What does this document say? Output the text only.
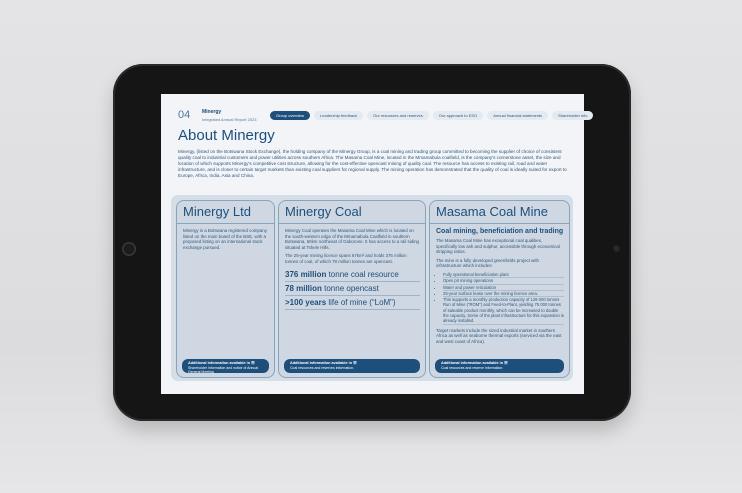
04 Minergy
Integrated Annual Report 2023
Group overview	Leadership feedback	Our resources and reserves	Our approach to ESG	Annual financial statements	Shareholder info
About Minergy
Minergy, (listed on the Botswana Stock Exchange), the holding company of the Minergy Group, is a coal mining and trading group committed to becoming the supplier of choice of consistent quality coal to industrial customers and power utilities across southern Africa. The Masama Coal Mine, located in the Mmamabula coalfield, is the company's cornerstone asset, the size and location of which supports Minergy's competitive cost structure, allowing for the cost-effective opencast mining of quality coal. The resource has access to existing rail, road and water infrastructure, and is closer to certain target markets than existing coal suppliers for regional supply. The mining operation has demonstrated that the quality of coal is ideally suited for export to Europe, Africa, India, Asia and China.
Minergy Ltd
Minergy is a Botswana registered company listed on the main board of the BSE, with a proposed listing on an international stock exchange pursued.
Additional information available in ☰
Shareholder information and notice of Annual General Meeting
Minergy Coal
Minergy Coal operates the Masama Coal Mine which is located on the south-western edge of the Mmamabula Coalfield in southern Botswana, 60km northeast of Gaborone. It has access to a rail siding situated at Tshele Hills.
The 25-year mining licence spans 67km² and holds 376 million tonnes of coal, of which 78 million tonnes are opencast.
376 million tonne coal resource
78 million tonne opencast
>100 years life of mine (“LoM”)
Additional information available in ☰
Coal resources and reserves information.
Masama Coal Mine
Coal mining, beneficiation and trading
The Masama Coal Mine has exceptional coal qualities, specifically low ash and sulphur, accessible through economical stripping ratios.
The mine is a fully developed greenfields project with infrastructure which includes:
• Fully operational beneficiation plant
• Open pit mining operations
• Water and power reticulation
• 25-year surface lease over the mining licence area.
• This supports a monthly production capacity of 129 000 tonnes Run of Mine (“ROM”) and Feed-to-Plant, yielding 75 000 tonnes of saleable product monthly, which can be increased to double the capacity. Some of the plant infrastructure for this expansion is already installed.
Target markets include the sized industrial market in southern Africa as well as seaborne thermal exports (serviced via the east and west coast of Africa).
Additional information available in ☰
Coal resources and reserve information.
